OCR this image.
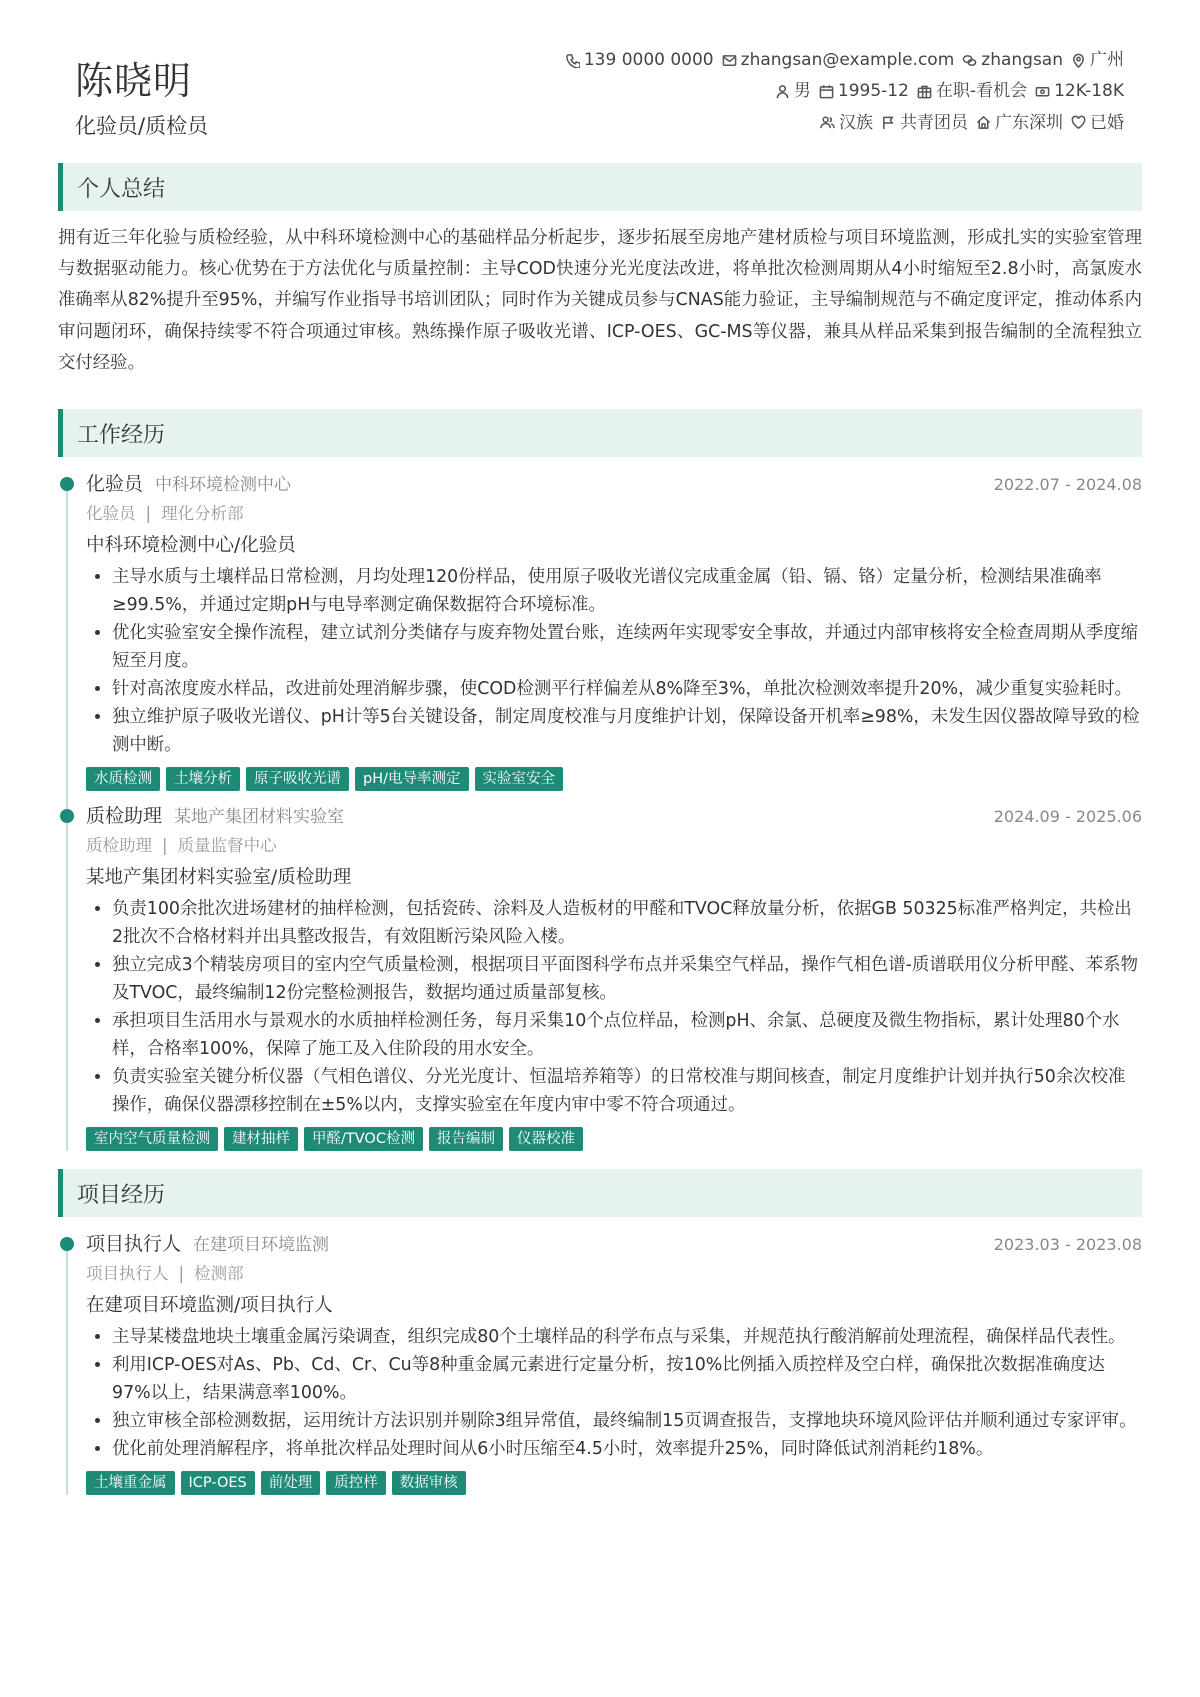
陈晓明
化验员/质检员
139 0000 0000 zhangsan@example.com zhangsan 广州
男 1995-12 在职-看机会 12K-18K
汉族 共青团员 广东深圳 已婚
个人总结
拥有近三年化验与质检经验，从中科环境检测中心的基础样品分析起步，逐步拓展至房地产建材质检与项目环境监测，形成扎实的实验室管理与数据驱动能力。核心优势在于方法优化与质量控制：主导COD快速分光光度法改进，将单批次检测周期从4小时缩短至2.8小时，高氯废水准确率从82%提升至95%，并编写作业指导书培训团队；同时作为关键成员参与CNAS能力验证，主导编制规范与不确定度评定，推动体系内审问题闭环，确保持续零不符合项通过审核。熟练操作原子吸收光谱、ICP-OES、GC-MS等仪器，兼具从样品采集到报告编制的全流程独立交付经验。
工作经历
化验员 中科环境检测中心	2022.07 - 2024.08
化验员 | 理化分析部
中科环境检测中心/化验员
• 主导水质与土壤样品日常检测，月均处理120份样品，使用原子吸收光谱仪完成重金属（铅、镉、铬）定量分析，检测结果准确率≥99.5%，并通过定期pH与电导率测定确保数据符合环境标准。
• 优化实验室安全操作流程，建立试剂分类储存与废弃物处置台账，连续两年实现零安全事故，并通过内部审核将安全检查周期从季度缩短至月度。
• 针对高浓度废水样品，改进前处理消解步骤，使COD检测平行样偏差从8%降至3%，单批次检测效率提升20%，减少重复实验耗时。
• 独立维护原子吸收光谱仪、pH计等5台关键设备，制定周度校准与月度维护计划，保障设备开机率≥98%，未发生因仪器故障导致的检测中断。
水质检测	土壤分析	原子吸收光谱	pH/电导率测定	实验室安全
质检助理 某地产集团材料实验室	2024.09 - 2025.06
质检助理 | 质量监督中心
某地产集团材料实验室/质检助理
• 负责100余批次进场建材的抽样检测，包括瓷砖、涂料及人造板材的甲醛和TVOC释放量分析，依据GB 50325标准严格判定，共检出2批次不合格材料并出具整改报告，有效阻断污染风险入楼。
• 独立完成3个精装房项目的室内空气质量检测，根据项目平面图科学布点并采集空气样品，操作气相色谱-质谱联用仪分析甲醛、苯系物及TVOC，最终编制12份完整检测报告，数据均通过质量部复核。
• 承担项目生活用水与景观水的水质抽样检测任务，每月采集10个点位样品，检测pH、余氯、总硬度及微生物指标，累计处理80个水样，合格率100%，保障了施工及入住阶段的用水安全。
• 负责实验室关键分析仪器（气相色谱仪、分光光度计、恒温培养箱等）的日常校准与期间核查，制定月度维护计划并执行50余次校准操作，确保仪器漂移控制在±5%以内，支撑实验室在年度内审中零不符合项通过。
室内空气质量检测	建材抽样	甲醛/TVOC检测	报告编制	仪器校准
项目经历
项目执行人 在建项目环境监测	2023.03 - 2023.08
项目执行人 | 检测部
在建项目环境监测/项目执行人
• 主导某楼盘地块土壤重金属污染调查，组织完成80个土壤样品的科学布点与采集，并规范执行酸消解前处理流程，确保样品代表性。
• 利用ICP-OES对As、Pb、Cd、Cr、Cu等8种重金属元素进行定量分析，按10%比例插入质控样及空白样，确保批次数据准确度达97%以上，结果满意率100%。
• 独立审核全部检测数据，运用统计方法识别并剔除3组异常值，最终编制15页调查报告，支撑地块环境风险评估并顺利通过专家评审。
• 优化前处理消解程序，将单批次样品处理时间从6小时压缩至4.5小时，效率提升25%，同时降低试剂消耗约18%。
土壤重金属	ICP-OES	前处理	质控样	数据审核
